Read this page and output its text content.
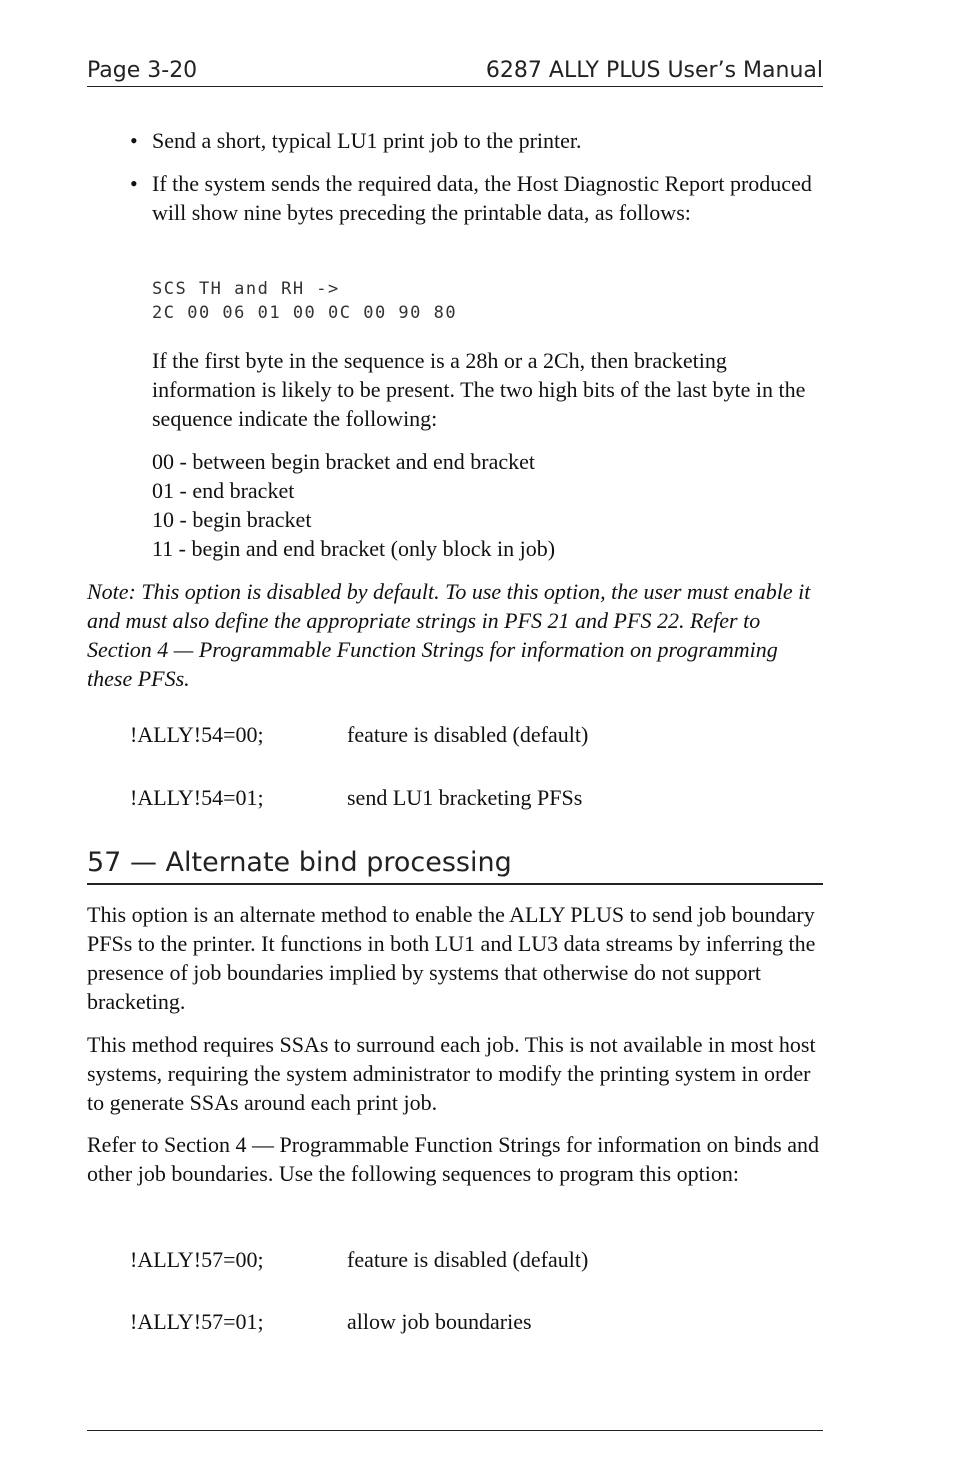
Page 3-20	6287 ALLY PLUS User’s Manual
• Send a short, typical LU1 print job to the printer.
• If the system sends the required data, the Host Diagnostic Report produced will show nine bytes preceding the printable data, as follows:
SCS TH and RH ->
2C 00 06 01 00 0C 00 90 80
If the first byte in the sequence is a 28h or a 2Ch, then bracketing information is likely to be present. The two high bits of the last byte in the sequence indicate the following:
00 - between begin bracket and end bracket
01 - end bracket
10 - begin bracket
11 - begin and end bracket (only block in job)
Note: This option is disabled by default. To use this option, the user must enable it and must also define the appropriate strings in PFS 21 and PFS 22. Refer to Section 4 — Programmable Function Strings for information on programming these PFSs.
!ALLY!54=00;	feature is disabled (default)
!ALLY!54=01;	send LU1 bracketing PFSs
57 — Alternate bind processing
This option is an alternate method to enable the ALLY PLUS to send job boundary PFSs to the printer. It functions in both LU1 and LU3 data streams by inferring the presence of job boundaries implied by systems that otherwise do not support bracketing.
This method requires SSAs to surround each job. This is not available in most host systems, requiring the system administrator to modify the printing system in order to generate SSAs around each print job.
Refer to Section 4 — Programmable Function Strings for information on binds and other job boundaries. Use the following sequences to program this option:
!ALLY!57=00;	feature is disabled (default)
!ALLY!57=01;	allow job boundaries
